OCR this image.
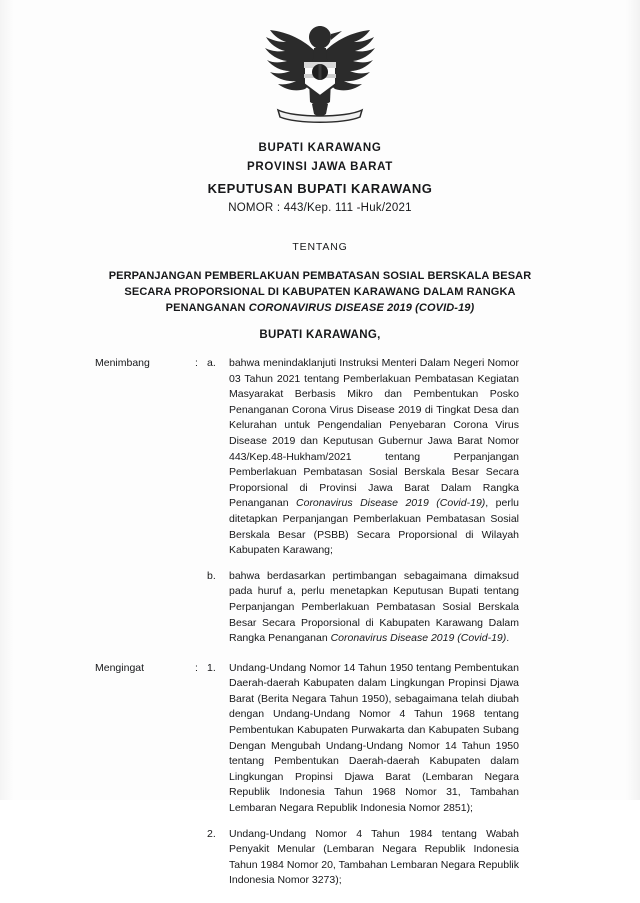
BUPATI KARAWANG
PROVINSI JAWA BARAT
KEPUTUSAN BUPATI KARAWANG
NOMOR : 443/Kep. 111 -Huk/2021
TENTANG
PERPANJANGAN PEMBERLAKUAN PEMBATASAN SOSIAL BERSKALA BESAR
SECARA PROPORSIONAL DI KABUPATEN KARAWANG DALAM RANGKA
PENANGANAN CORONAVIRUS DISEASE 2019 (COVID-19)
BUPATI KARAWANG,
Menimbang	: a.	bahwa menindaklanjuti Instruksi Menteri Dalam Negeri Nomor 03 Tahun 2021 tentang Pemberlakuan Pembatasan Kegiatan Masyarakat Berbasis Mikro dan Pembentukan Posko Penanganan Corona Virus Disease 2019 di Tingkat Desa dan Kelurahan untuk Pengendalian Penyebaran Corona Virus Disease 2019 dan Keputusan Gubernur Jawa Barat Nomor 443/Kep.48-Hukham/2021 tentang Perpanjangan Pemberlakuan Pembatasan Sosial Berskala Besar Secara Proporsional di Provinsi Jawa Barat Dalam Rangka Penanganan Coronavirus Disease 2019 (Covid-19), perlu ditetapkan Perpanjangan Pemberlakuan Pembatasan Sosial Berskala Besar (PSBB) Secara Proporsional di Wilayah Kabupaten Karawang;
b.	bahwa berdasarkan pertimbangan sebagaimana dimaksud pada huruf a, perlu menetapkan Keputusan Bupati tentang Perpanjangan Pemberlakuan Pembatasan Sosial Berskala Besar Secara Proporsional di Kabupaten Karawang Dalam Rangka Penanganan Coronavirus Disease 2019 (Covid-19).
Mengingat	: 1.	Undang-Undang Nomor 14 Tahun 1950 tentang Pembentukan Daerah-daerah Kabupaten dalam Lingkungan Propinsi Djawa Barat (Berita Negara Tahun 1950), sebagaimana telah diubah dengan Undang-Undang Nomor 4 Tahun 1968 tentang Pembentukan Kabupaten Purwakarta dan Kabupaten Subang Dengan Mengubah Undang-Undang Nomor 14 Tahun 1950 tentang Pembentukan Daerah-daerah Kabupaten dalam Lingkungan Propinsi Djawa Barat (Lembaran Negara Republik Indonesia Tahun 1968 Nomor 31, Tambahan Lembaran Negara Republik Indonesia Nomor 2851);
2.	Undang-Undang Nomor 4 Tahun 1984 tentang Wabah Penyakit Menular (Lembaran Negara Republik Indonesia Tahun 1984 Nomor 20, Tambahan Lembaran Negara Republik Indonesia Nomor 3273);
